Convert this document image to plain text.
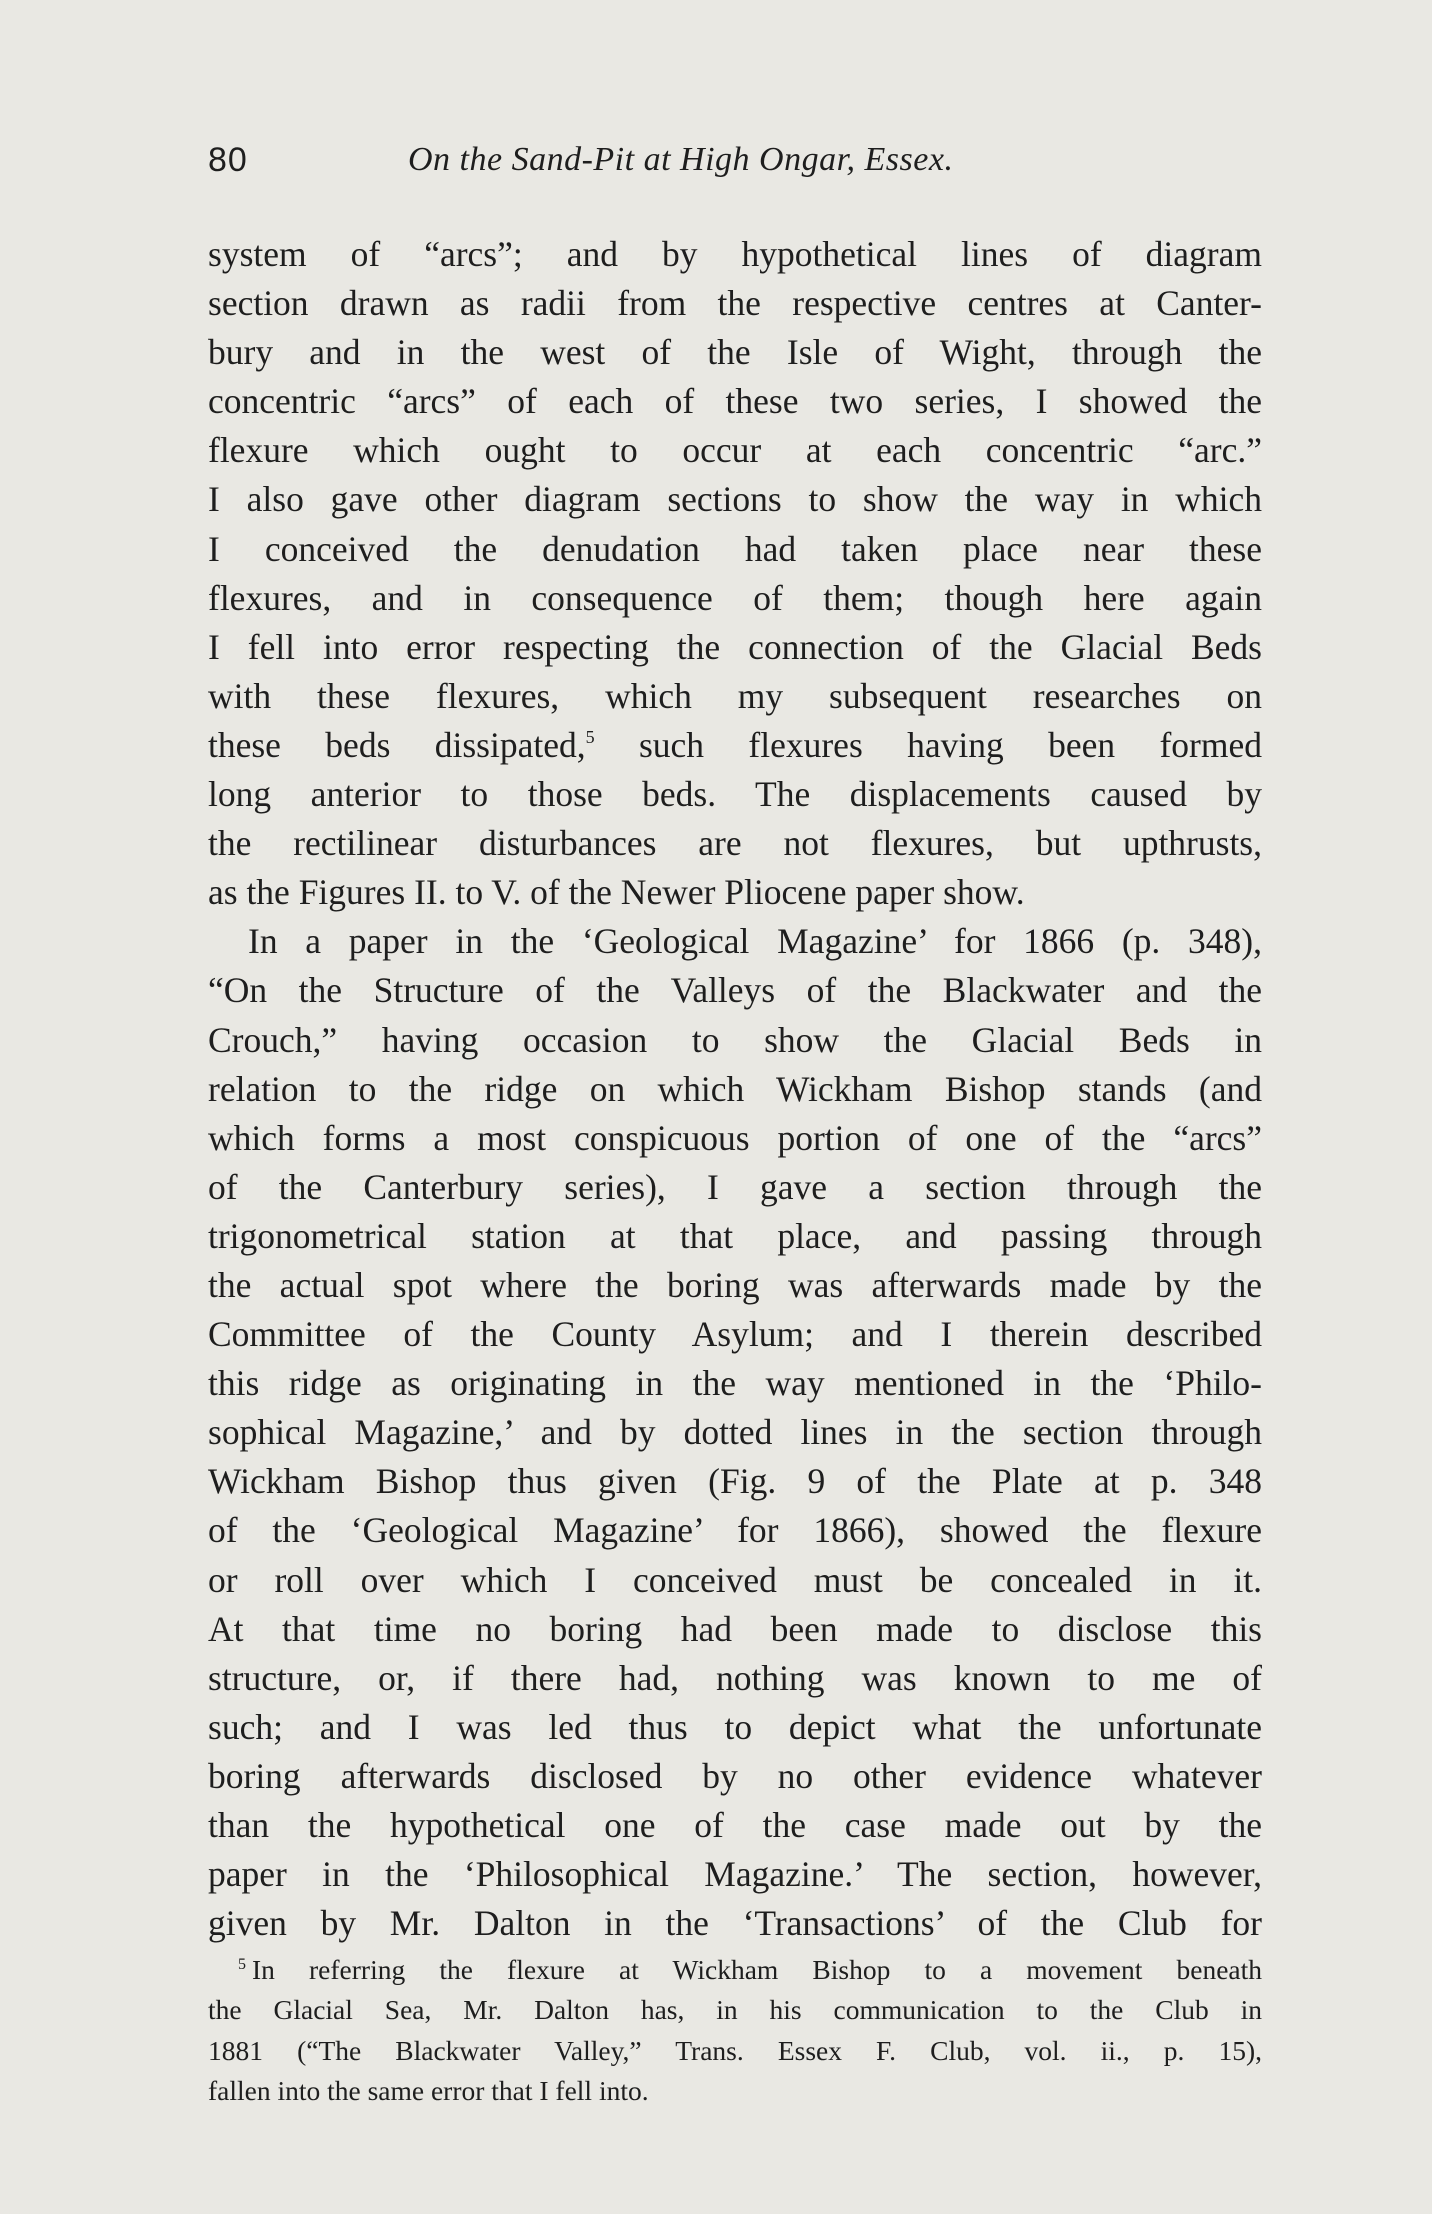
80	On the Sand-Pit at High Ongar, Essex.
system of “arcs”; and by hypothetical lines of diagram
section drawn as radii from the respective centres at Canter-
bury and in the west of the Isle of Wight, through the
concentric “arcs” of each of these two series, I showed the
flexure which ought to occur at each concentric “arc.”
I also gave other diagram sections to show the way in which
I conceived the denudation had taken place near these
flexures, and in consequence of them; though here again
I fell into error respecting the connection of the Glacial Beds
with these flexures, which my subsequent researches on
these beds dissipated,$^5$ such flexures having been formed
long anterior to those beds. The displacements caused by
the rectilinear disturbances are not flexures, but upthrusts,
as the Figures II. to V. of the Newer Pliocene paper show.
In a paper in the ‘Geological Magazine’ for 1866 (p. 348),
“On the Structure of the Valleys of the Blackwater and the
Crouch,” having occasion to show the Glacial Beds in
relation to the ridge on which Wickham Bishop stands (and
which forms a most conspicuous portion of one of the “arcs”
of the Canterbury series), I gave a section through the
trigonometrical station at that place, and passing through
the actual spot where the boring was afterwards made by the
Committee of the County Asylum; and I therein described
this ridge as originating in the way mentioned in the ‘Philo-
sophical Magazine,’ and by dotted lines in the section through
Wickham Bishop thus given (Fig. 9 of the Plate at p. 348
of the ‘Geological Magazine’ for 1866), showed the flexure
or roll over which I conceived must be concealed in it.
At that time no boring had been made to disclose this
structure, or, if there had, nothing was known to me of
such; and I was led thus to depict what the unfortunate
boring afterwards disclosed by no other evidence whatever
than the hypothetical one of the case made out by the
paper in the ‘Philosophical Magazine.’ The section, however,
given by Mr. Dalton in the ‘Transactions’ of the Club for
$^5$ In referring the flexure at Wickham Bishop to a movement beneath
the Glacial Sea, Mr. Dalton has, in his communication to the Club in
1881 (“The Blackwater Valley,” Trans. Essex F. Club, vol. ii., p. 15),
fallen into the same error that I fell into.
